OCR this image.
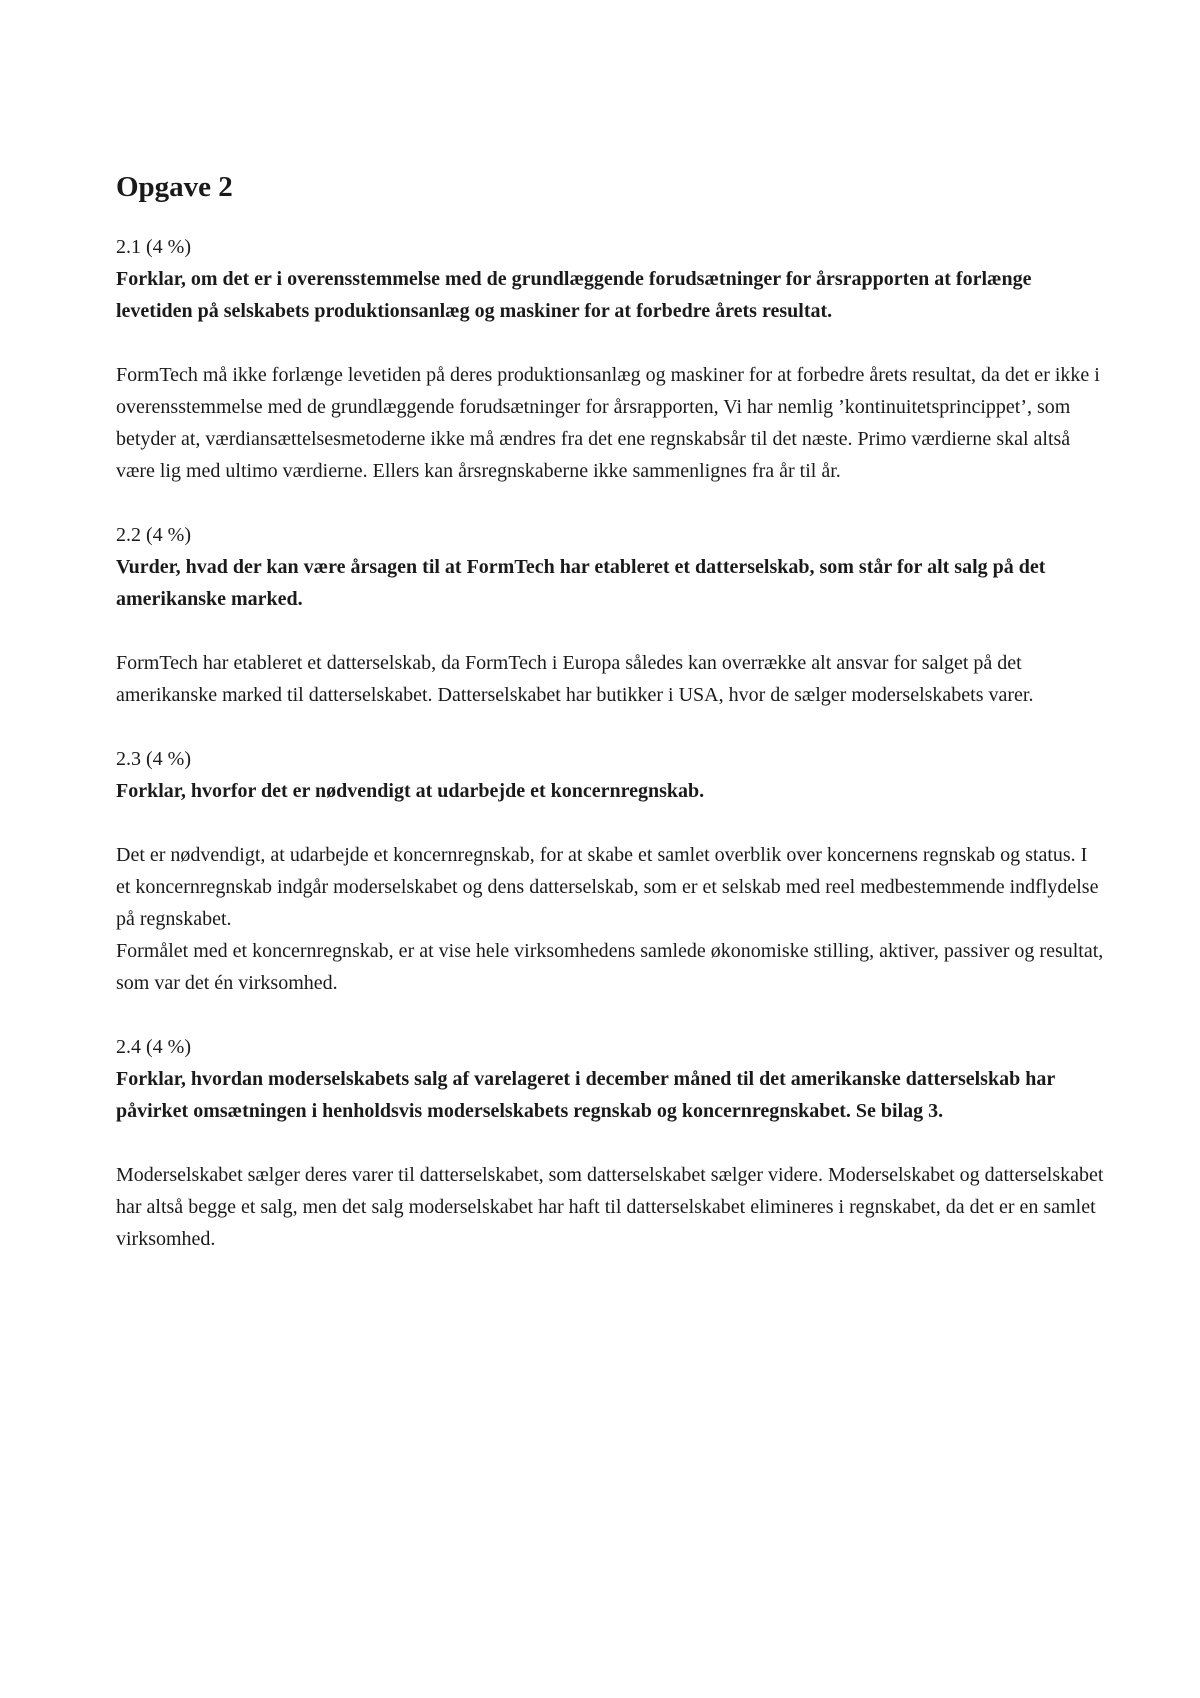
Opgave 2

2.1 (4 %)

Forklar, om det er i overensstemmelse med de grundlæggende forudsætninger for årsrapporten at forlænge levetiden på selskabets produktionsanlæg og maskiner for at forbedre årets resultat.

FormTech må ikke forlænge levetiden på deres produktionsanlæg og maskiner for at forbedre årets resultat, da det er ikke i overensstemmelse med de grundlæggende forudsætninger for årsrapporten, Vi har nemlig ’kontinuitetsprincippet’, som betyder at, værdiansættelsesmetoderne ikke må ændres fra det ene regnskabsår til det næste. Primo værdierne skal altså være lig med ultimo værdierne. Ellers kan årsregnskaberne ikke sammenlignes fra år til år.

2.2 (4 %)

Vurder, hvad der kan være årsagen til at FormTech har etableret et datterselskab, som står for alt salg på det amerikanske marked.

FormTech har etableret et datterselskab, da FormTech i Europa således kan overrække alt ansvar for salget på det amerikanske marked til datterselskabet. Datterselskabet har butikker i USA, hvor de sælger moderselskabets varer.

2.3 (4 %)

Forklar, hvorfor det er nødvendigt at udarbejde et koncernregnskab.

Det er nødvendigt, at udarbejde et koncernregnskab, for at skabe et samlet overblik over koncernens regnskab og status. I et koncernregnskab indgår moderselskabet og dens datterselskab, som er et selskab med reel medbestemmende indflydelse på regnskabet.

Formålet med et koncernregnskab, er at vise hele virksomhedens samlede økonomiske stilling, aktiver, passiver og resultat, som var det én virksomhed.

2.4 (4 %)

Forklar, hvordan moderselskabets salg af varelageret i december måned til det amerikanske datterselskab har påvirket omsætningen i henholdsvis moderselskabets regnskab og koncernregnskabet. Se bilag 3.

Moderselskabet sælger deres varer til datterselskabet, som datterselskabet sælger videre. Moderselskabet og datterselskabet har altså begge et salg, men det salg moderselskabet har haft til datterselskabet elimineres i regnskabet, da det er en samlet virksomhed.
